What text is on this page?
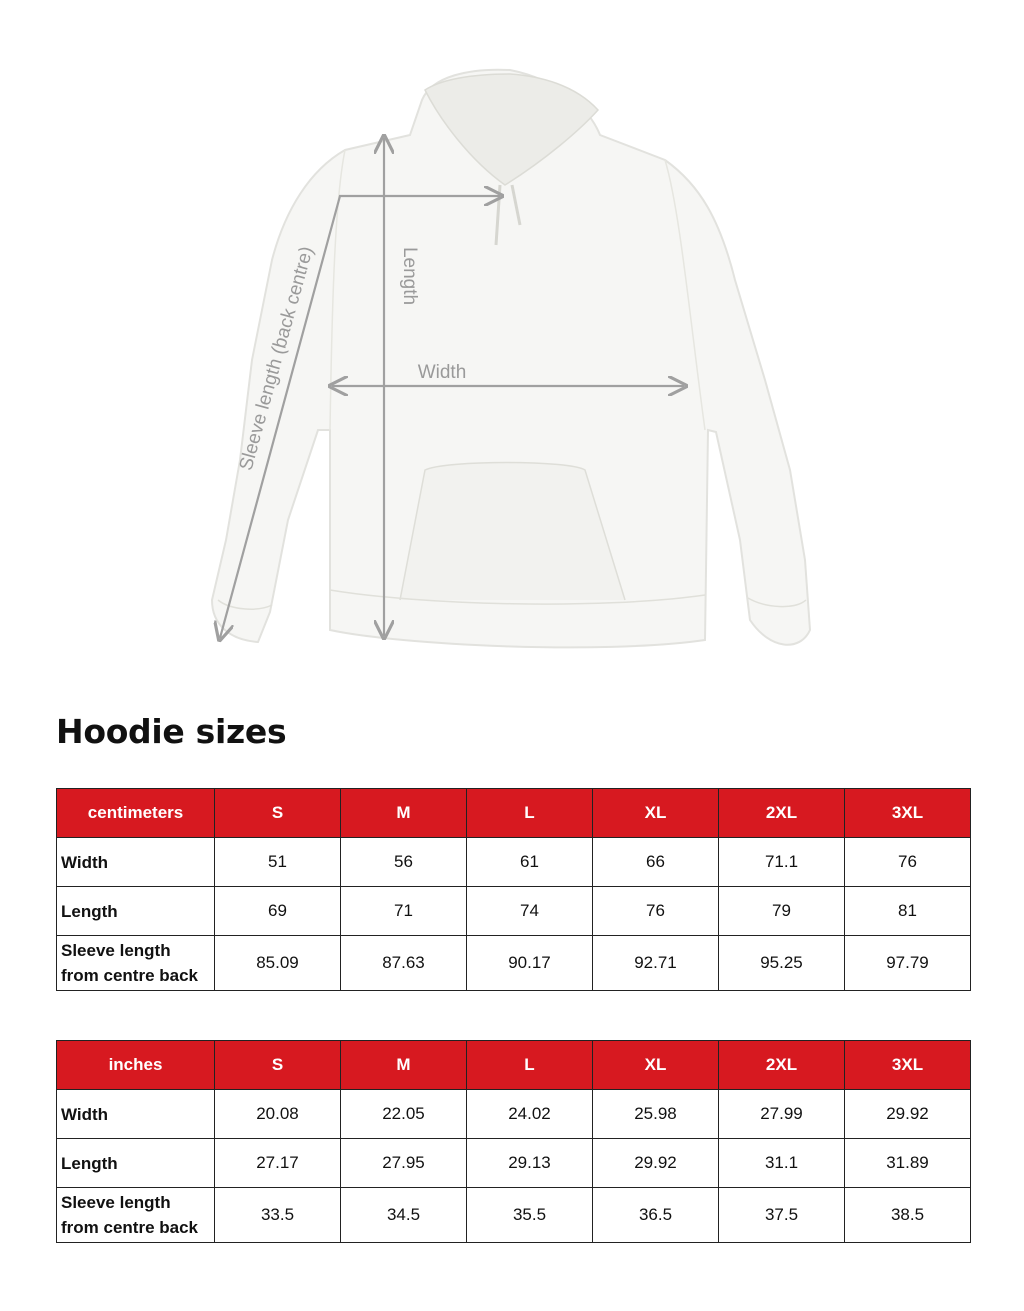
Length
Width
Sleeve length (back centre)
Hoodie sizes
centimeters	S	M	L	XL	2XL	3XL
Width	51	56	61	66	71.1	76
Length	69	71	74	76	79	81
Sleeve length
from centre back	85.09	87.63	90.17	92.71	95.25	97.79
inches	S	M	L	XL	2XL	3XL
Width	20.08	22.05	24.02	25.98	27.99	29.92
Length	27.17	27.95	29.13	29.92	31.1	31.89
Sleeve length
from centre back	33.5	34.5	35.5	36.5	37.5	38.5
